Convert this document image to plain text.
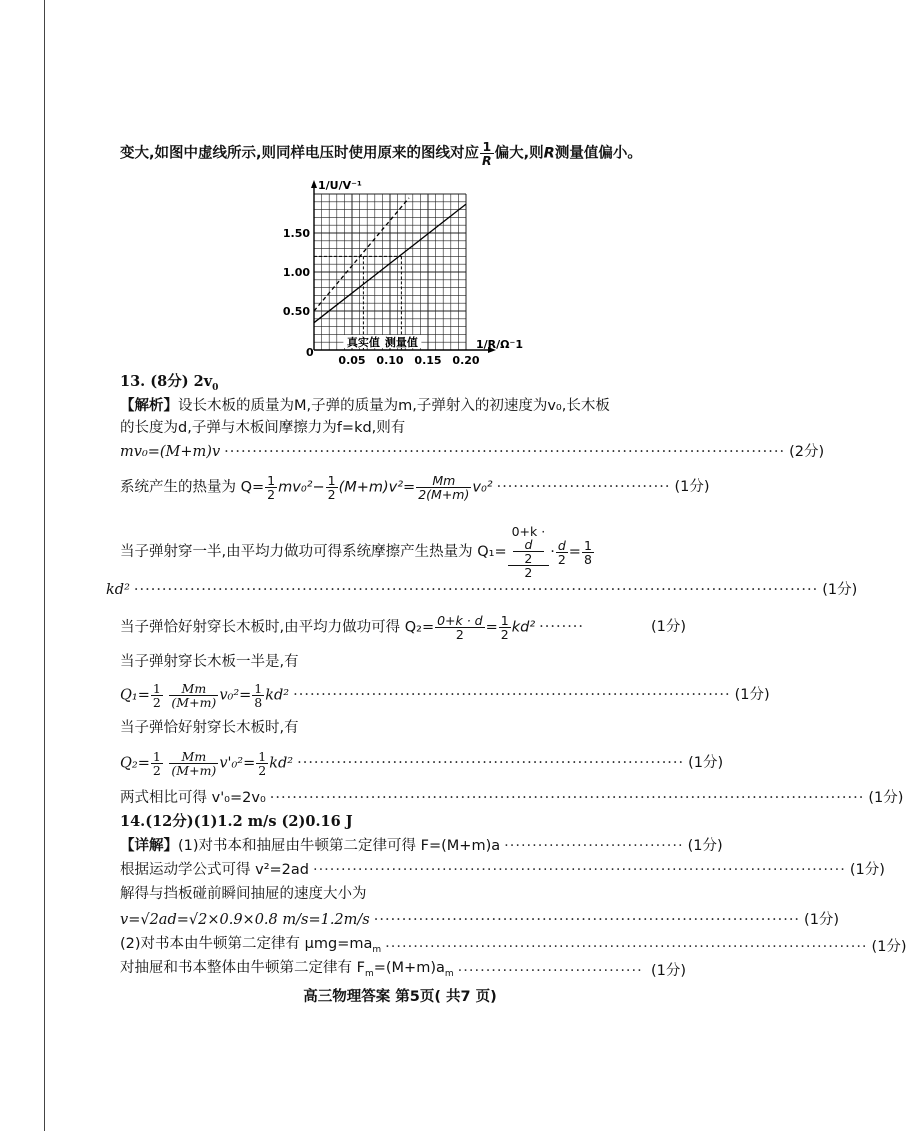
变大,如图中虚线所示,则同样电压时使用原来的图线对应 $\frac{1}{R}$ 偏大,则R测量值偏小。
0.05 0.10 0.15 0.20
0.50
1.00
1.50
真实值 测量值
1/U/V⁻¹
1/R/Ω⁻1
0
13. (8分) $2v_0$
【解析】设长木板的质量为M,子弹的质量为m,子弹射入的初速度为v₀,长木板
的长度为d,子弹与木板间摩擦力为f=kd,则有
mv₀=(M+m)v ···································································································· (2分)
系统产生的热量为 $Q= \frac{1}{2} mv_0^2- \frac{1}{2} (M+m)v^2= \frac{Mm}{2(M+m)} v_0^2$ ······························· (1分)
当子弹射穿一半,由平均力做功可得系统摩擦产生热量为 Q₁= 0+k ·
d
2
$2 \cdot \frac{d}{2} = \frac{1}{8}$
kd² ·························································································································· (1分)
当子弹恰好射穿长木板时,由平均力做功可得 $Q_2= \frac{0+k \cdot d}{2} = \frac{1}{2} kd^2$ ········	(1分)
当子弹射穿长木板一半是,有
$Q_1= \frac{1}{2}$
$\frac{Mm}{(M+m)} v_0^2= \frac{1}{8} kd^2$ ·············································································· (1分)
当子弹恰好射穿长木板时,有
$Q_2= \frac{1}{2}$
$\frac{Mm}{(M+m)} v'_0^2= \frac{1}{2} kd^2$ ····································································· (1分)
两式相比可得 v'₀=2v₀ ·········································································································· (1分)
14.(12分)(1)1.2 m/s (2)0.16 J
【详解】(1)对书本和抽屉由牛顿第二定律可得 F=(M+m)a ································ (1分)
根据运动学公式可得 v²=2ad ······························································································· (1分)
解得与挡板碰前瞬间抽屉的速度大小为
v=√2ad=√2×0.9×0.8 m/s=1.2m/s ············································································ (1分)
(2)对书本由牛顿第二定律有 $\mu mg=ma_m$ ······················································································ (1分)
对抽屉和书本整体由牛顿第二定律有 $F_m=(M+m)a_m$ ································· (1分)
高三物理答案 第5页( 共7 页)
